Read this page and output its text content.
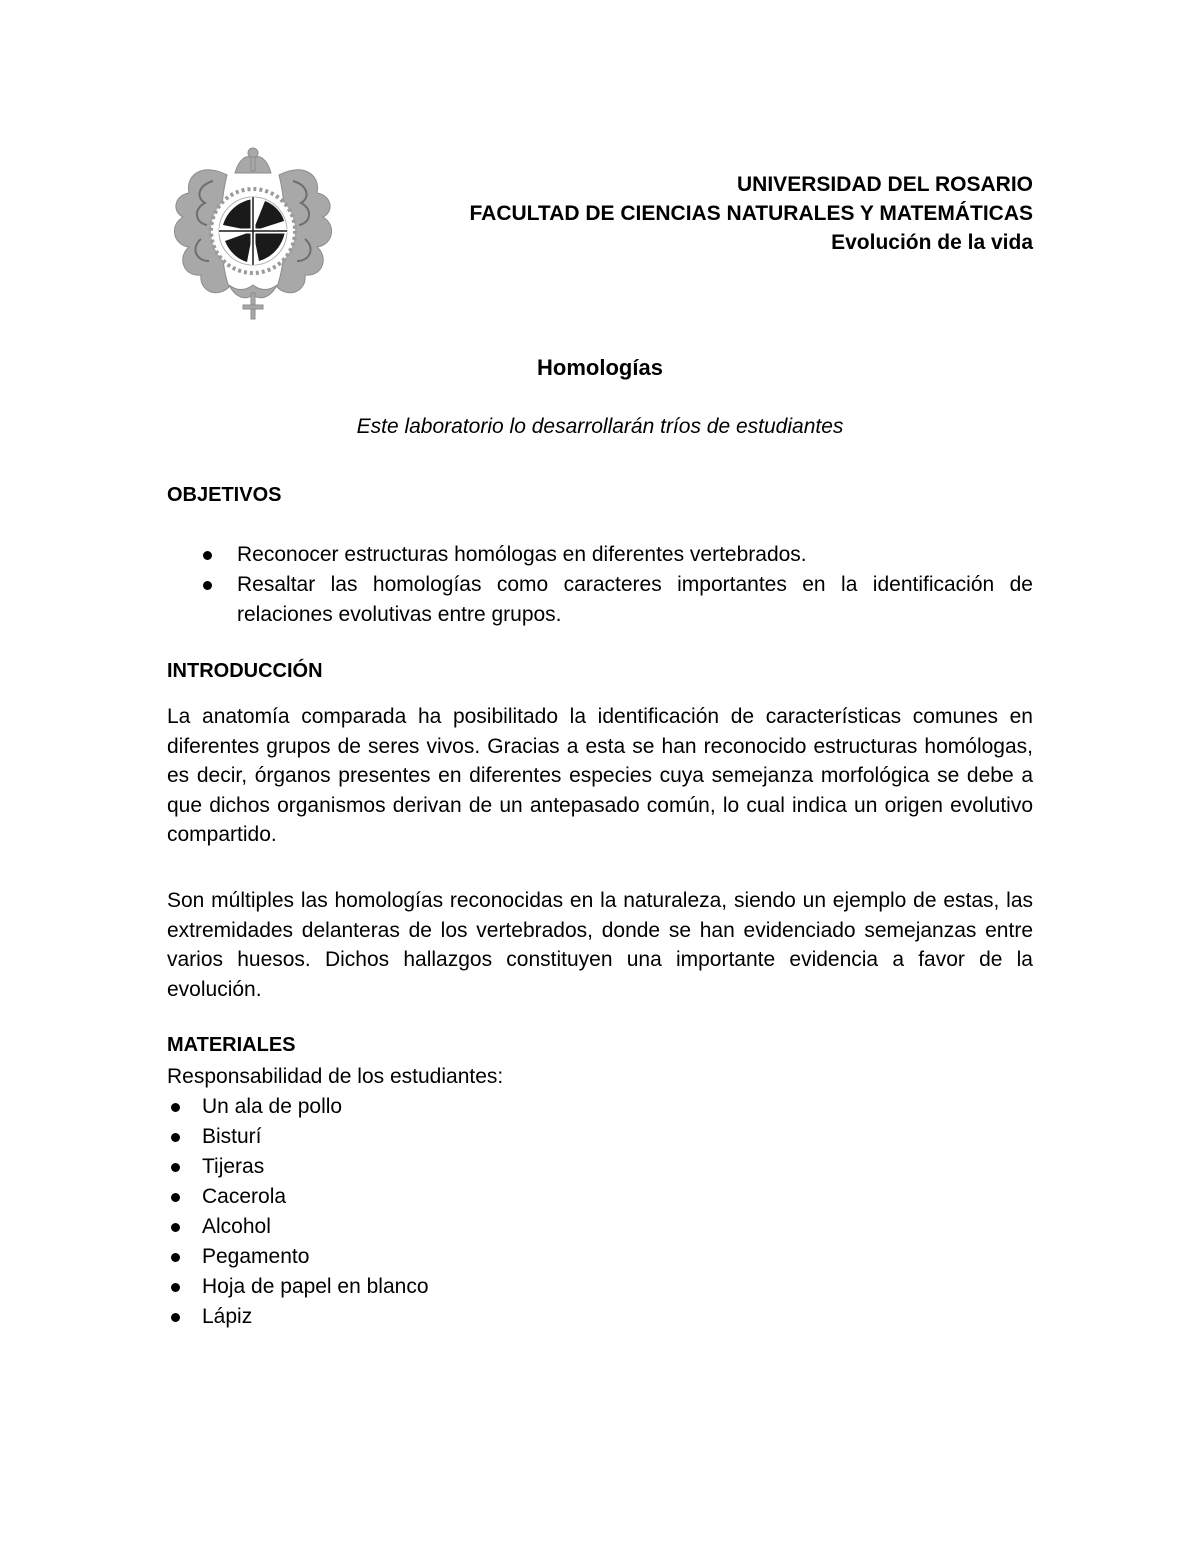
UNIVERSIDAD DEL ROSARIO
FACULTAD DE CIENCIAS NATURALES Y MATEMÁTICAS
Evolución de la vida
Homologías
Este laboratorio lo desarrollarán tríos de estudiantes
OBJETIVOS
Reconocer estructuras homólogas en diferentes vertebrados.
Resaltar las homologías como caracteres importantes en la identificación de relaciones evolutivas entre grupos.
INTRODUCCIÓN

La anatomía comparada ha posibilitado la identificación de características comunes en diferentes grupos de seres vivos. Gracias a esta se han reconocido estructuras homólogas, es decir, órganos presentes en diferentes especies cuya semejanza morfológica se debe a que dichos organismos derivan de un antepasado común, lo cual indica un origen evolutivo compartido.

Son múltiples las homologías reconocidas en la naturaleza, siendo un ejemplo de estas, las extremidades delanteras de los vertebrados, donde se han evidenciado semejanzas entre varios huesos. Dichos hallazgos constituyen una importante evidencia a favor de la evolución.

MATERIALES
Responsabilidad de los estudiantes:
Un ala de pollo
Bisturí
Tijeras
Cacerola
Alcohol
Pegamento
Hoja de papel en blanco
Lápiz
